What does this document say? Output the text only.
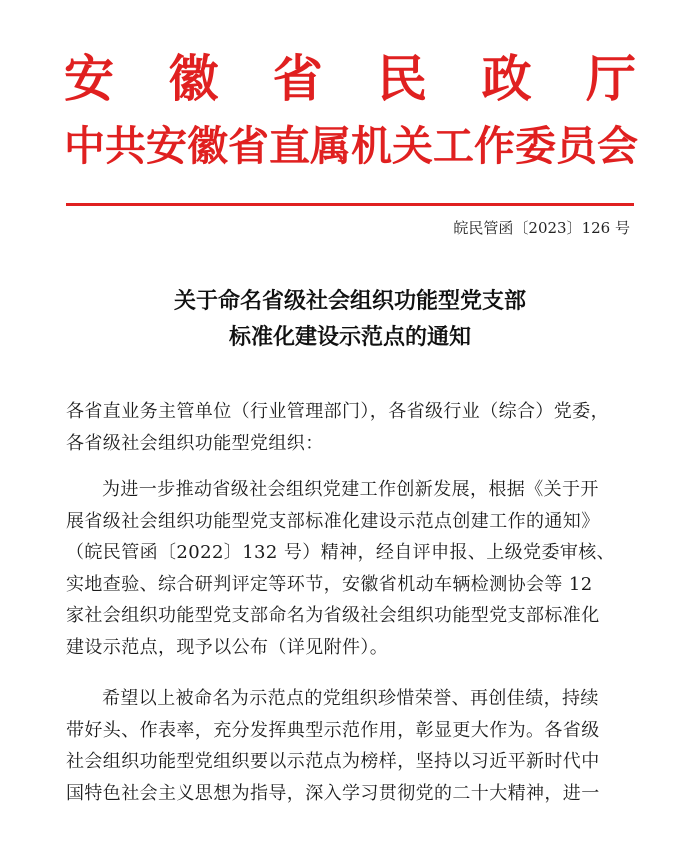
安 徽 省 民 政 厅
中共安徽省直属机关工作委员会
皖民管函〔2023〕126 号
关于命名省级社会组织功能型党支部
标准化建设示范点的通知
各省直业务主管单位（行业管理部门），各省级行业（综合）党委，
各省级社会组织功能型党组织：
为进一步推动省级社会组织党建工作创新发展，根据《关于开
展省级社会组织功能型党支部标准化建设示范点创建工作的通知》
（皖民管函〔2022〕132 号）精神，经自评申报、上级党委审核、
实地查验、综合研判评定等环节，安徽省机动车辆检测协会等 12
家社会组织功能型党支部命名为省级社会组织功能型党支部标准化
建设示范点，现予以公布（详见附件）。
希望以上被命名为示范点的党组织珍惜荣誉、再创佳绩，持续
带好头、作表率，充分发挥典型示范作用，彰显更大作为。各省级
社会组织功能型党组织要以示范点为榜样，坚持以习近平新时代中
国特色社会主义思想为指导，深入学习贯彻党的二十大精神，进一
